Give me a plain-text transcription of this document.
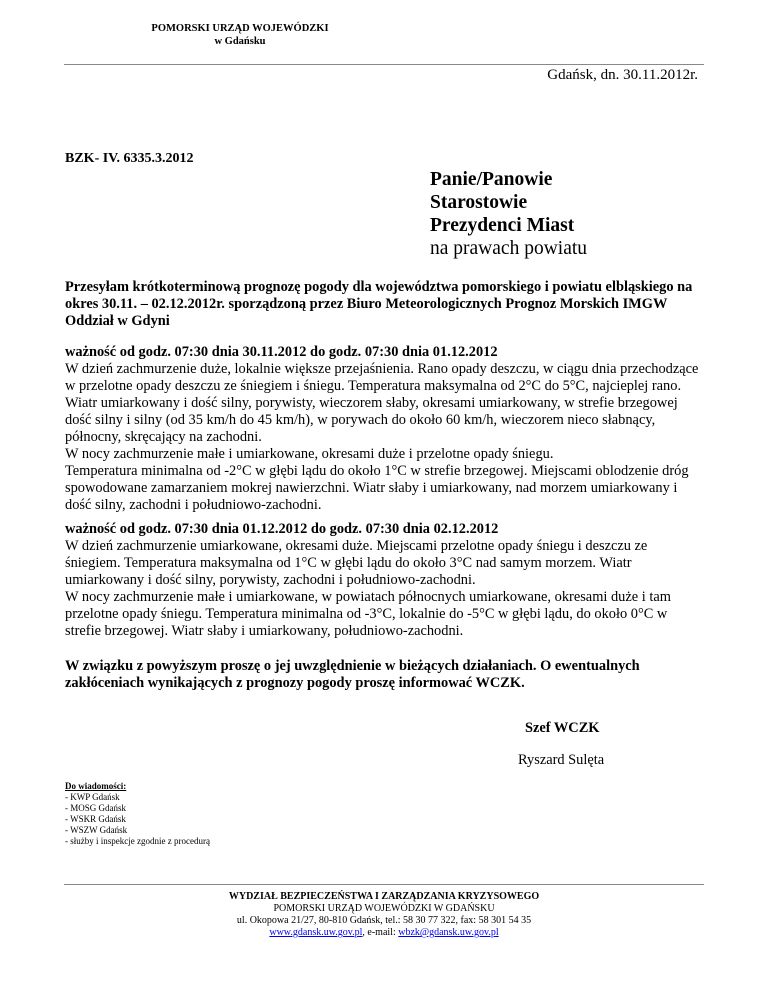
POMORSKI URZĄD WOJEWÓDZKI
w Gdańsku
Gdańsk, dn. 30.11.2012r.
BZK- IV. 6335.3.2012
Panie/Panowie
Starostowie
Prezydenci Miast
na prawach powiatu
Przesyłam krótkoterminową prognozę pogody dla województwa pomorskiego i powiatu elbląskiego na okres 30.11. – 02.12.2012r. sporządzoną przez Biuro Meteorologicznych Prognoz Morskich IMGW Oddział w Gdyni

ważność od godz. 07:30 dnia 30.11.2012 do godz. 07:30 dnia 01.12.2012

W dzień zachmurzenie duże, lokalnie większe przejaśnienia. Rano opady deszczu, w ciągu dnia przechodzące w przelotne opady deszczu ze śniegiem i śniegu. Temperatura maksymalna od 2°C do 5°C, najcieplej rano. Wiatr umiarkowany i dość silny, porywisty, wieczorem słaby, okresami umiarkowany, w strefie brzegowej dość silny i silny (od 35 km/h do 45 km/h), w porywach do około 60 km/h, wieczorem nieco słabnący, północny, skręcający na zachodni.

W nocy zachmurzenie małe i umiarkowane, okresami duże i przelotne opady śniegu.

Temperatura minimalna od -2°C w głębi lądu do około 1°C w strefie brzegowej. Miejscami oblodzenie dróg spowodowane zamarzaniem mokrej nawierzchni. Wiatr słaby i umiarkowany, nad morzem umiarkowany i dość silny, zachodni i południowo-zachodni.

ważność od godz. 07:30 dnia 01.12.2012 do godz. 07:30 dnia 02.12.2012

W dzień zachmurzenie umiarkowane, okresami duże. Miejscami przelotne opady śniegu i deszczu ze śniegiem. Temperatura maksymalna od 1°C w głębi lądu do około 3°C nad samym morzem. Wiatr umiarkowany i dość silny, porywisty, zachodni i południowo-zachodni.

W nocy zachmurzenie małe i umiarkowane, w powiatach północnych umiarkowane, okresami duże i tam przelotne opady śniegu. Temperatura minimalna od -3°C, lokalnie do -5°C w głębi lądu, do około 0°C w strefie brzegowej. Wiatr słaby i umiarkowany, południowo-zachodni.

W związku z powyższym proszę o jej uwzględnienie w bieżących działaniach. O ewentualnych zakłóceniach wynikających z prognozy pogody proszę informować WCZK.
Szef WCZK
Ryszard Sulęta
Do wiadomości:
- KWP Gdańsk
- MOSG Gdańsk
- WSKR Gdańsk
- WSZW Gdańsk
- służby i inspekcje zgodnie z procedurą
WYDZIAŁ BEZPIECZEŃSTWA I ZARZĄDZANIA KRYZYSOWEGO
POMORSKI URZĄD WOJEWÓDZKI W GDAŃSKU
ul. Okopowa 21/27, 80-810 Gdańsk, tel.: 58 30 77 322, fax: 58 301 54 35
www.gdansk.uw.gov.pl, e-mail: wbzk@gdansk.uw.gov.pl
